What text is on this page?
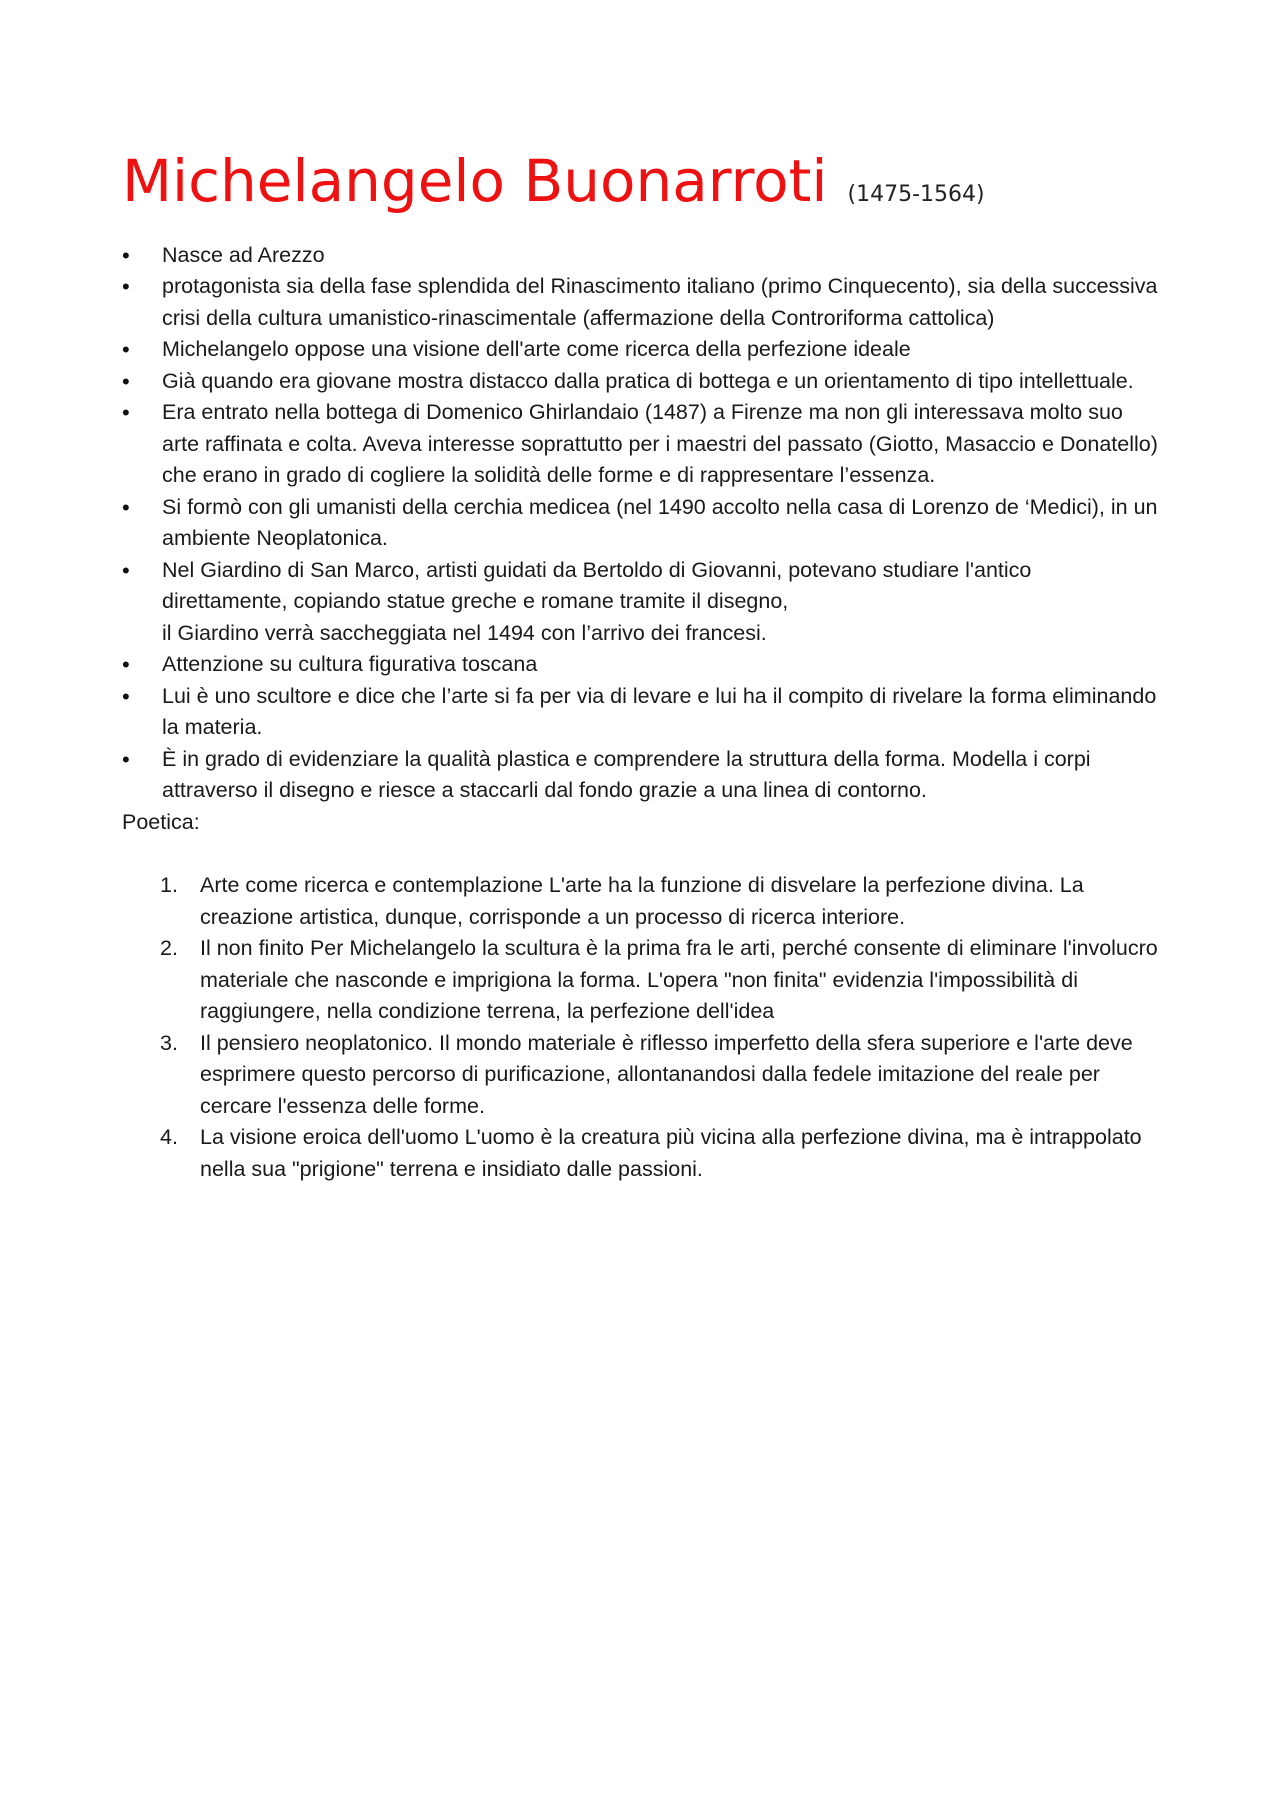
Michelangelo Buonarroti (1475-1564)
• Nasce ad Arezzo
• protagonista sia della fase splendida del Rinascimento italiano (primo Cinquecento), sia della successiva crisi della cultura umanistico-rinascimentale (affermazione della Controriforma cattolica)
• Michelangelo oppose una visione dell'arte come ricerca della perfezione ideale
• Già quando era giovane mostra distacco dalla pratica di bottega e un orientamento di tipo intellettuale.
• Era entrato nella bottega di Domenico Ghirlandaio (1487) a Firenze ma non gli interessava molto suo arte raffinata e colta. Aveva interesse soprattutto per i maestri del passato (Giotto, Masaccio e Donatello) che erano in grado di cogliere la solidità delle forme e di rappresentare l’essenza.
• Si formò con gli umanisti della cerchia medicea (nel 1490 accolto nella casa di Lorenzo de ‘Medici), in un ambiente Neoplatonica.
• Nel Giardino di San Marco, artisti guidati da Bertoldo di Giovanni, potevano studiare l'antico direttamente, copiando statue greche e romane tramite il disegno,
il Giardino verrà saccheggiata nel 1494 con l’arrivo dei francesi.
• Attenzione su cultura figurativa toscana
• Lui è uno scultore e dice che l’arte si fa per via di levare e lui ha il compito di rivelare la forma eliminando la materia.
• È in grado di evidenziare la qualità plastica e comprendere la struttura della forma. Modella i corpi attraverso il disegno e riesce a staccarli dal fondo grazie a una linea di contorno.

Poetica:

1. Arte come ricerca e contemplazione L'arte ha la funzione di disvelare la perfezione divina. La creazione artistica, dunque, corrisponde a un processo di ricerca interiore.
2. Il non finito Per Michelangelo la scultura è la prima fra le arti, perché consente di eliminare l'involucro materiale che nasconde e imprigiona la forma. L'opera "non finita" evidenzia l'impossibilità di raggiungere, nella condizione terrena, la perfezione dell'idea
3. Il pensiero neoplatonico. Il mondo materiale è riflesso imperfetto della sfera superiore e l'arte deve esprimere questo percorso di purificazione, allontanandosi dalla fedele imitazione del reale per cercare l'essenza delle forme.
4. La visione eroica dell'uomo L'uomo è la creatura più vicina alla perfezione divina, ma è intrappolato nella sua "prigione" terrena e insidiato dalle passioni.
